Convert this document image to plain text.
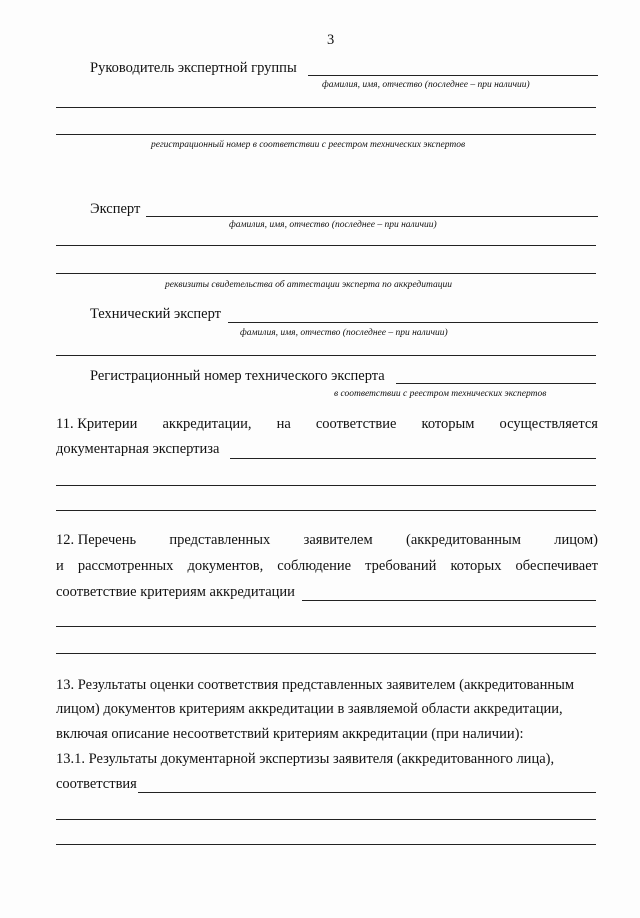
3
Руководитель экспертной группы
фамилия, имя, отчество (последнее – при наличии)
регистрационный номер в соответствии с реестром технических экспертов
Эксперт
фамилия, имя, отчество (последнее – при наличии)
реквизиты свидетельства об аттестации эксперта по аккредитации
Технический эксперт
фамилия, имя, отчество (последнее – при наличии)
Регистрационный номер технического эксперта
в соответствии с реестром технических экспертов
11. Критерии аккредитации, на соответствие которым осуществляется
документарная экспертиза
12. Перечень представленных заявителем (аккредитованным лицом)
и рассмотренных документов, соблюдение требований которых обеспечивает
соответствие критериям аккредитации
13. Результаты оценки соответствия представленных заявителем (аккредитованным
лицом) документов критериям аккредитации в заявляемой области аккредитации,
включая описание несоответствий критериям аккредитации (при наличии):
13.1. Результаты документарной экспертизы заявителя (аккредитованного лица),
соответствия
